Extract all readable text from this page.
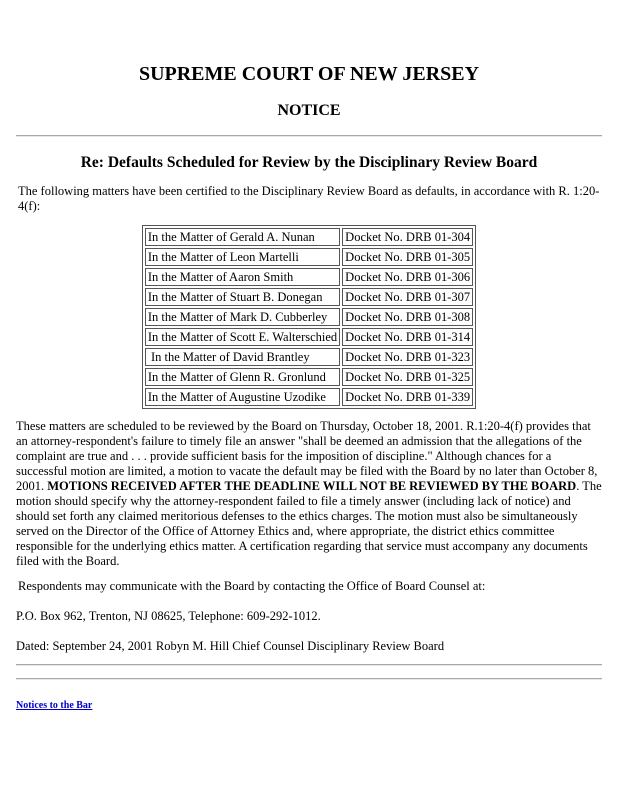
SUPREME COURT OF NEW JERSEY
NOTICE
Re: Defaults Scheduled for Review by the Disciplinary Review Board

The following matters have been certified to the Disciplinary Review Board as defaults, in accordance with R. 1:20-4(f):

In the Matter of Gerald A. Nunan	Docket No. DRB 01-304
In the Matter of Leon Martelli	Docket No. DRB 01-305
In the Matter of Aaron Smith	Docket No. DRB 01-306
In the Matter of Stuart B. Donegan	Docket No. DRB 01-307
In the Matter of Mark D. Cubberley	Docket No. DRB 01-308
In the Matter of Scott E. Walterschied	Docket No. DRB 01-314
In the Matter of David Brantley	Docket No. DRB 01-323
In the Matter of Glenn R. Gronlund	Docket No. DRB 01-325
In the Matter of Augustine Uzodike	Docket No. DRB 01-339

These matters are scheduled to be reviewed by the Board on Thursday, October 18, 2001. R.1:20-4(f) provides that an attorney-respondent's failure to timely file an answer "shall be deemed an admission that the allegations of the complaint are true and . . . provide sufficient basis for the imposition of discipline." Although chances for a successful motion are limited, a motion to vacate the default may be filed with the Board by no later than October 8, 2001. MOTIONS RECEIVED AFTER THE DEADLINE WILL NOT BE REVIEWED BY THE BOARD. The motion should specify why the attorney-respondent failed to file a timely answer (including lack of notice) and should set forth any claimed meritorious defenses to the ethics charges. The motion must also be simultaneously served on the Director of the Office of Attorney Ethics and, where appropriate, the district ethics committee responsible for the underlying ethics matter. A certification regarding that service must accompany any documents filed with the Board.

Respondents may communicate with the Board by contacting the Office of Board Counsel at:

P.O. Box 962, Trenton, NJ 08625, Telephone: 609-292-1012.

Dated: September 24, 2001 Robyn M. Hill Chief Counsel Disciplinary Review Board

Notices to the Bar
